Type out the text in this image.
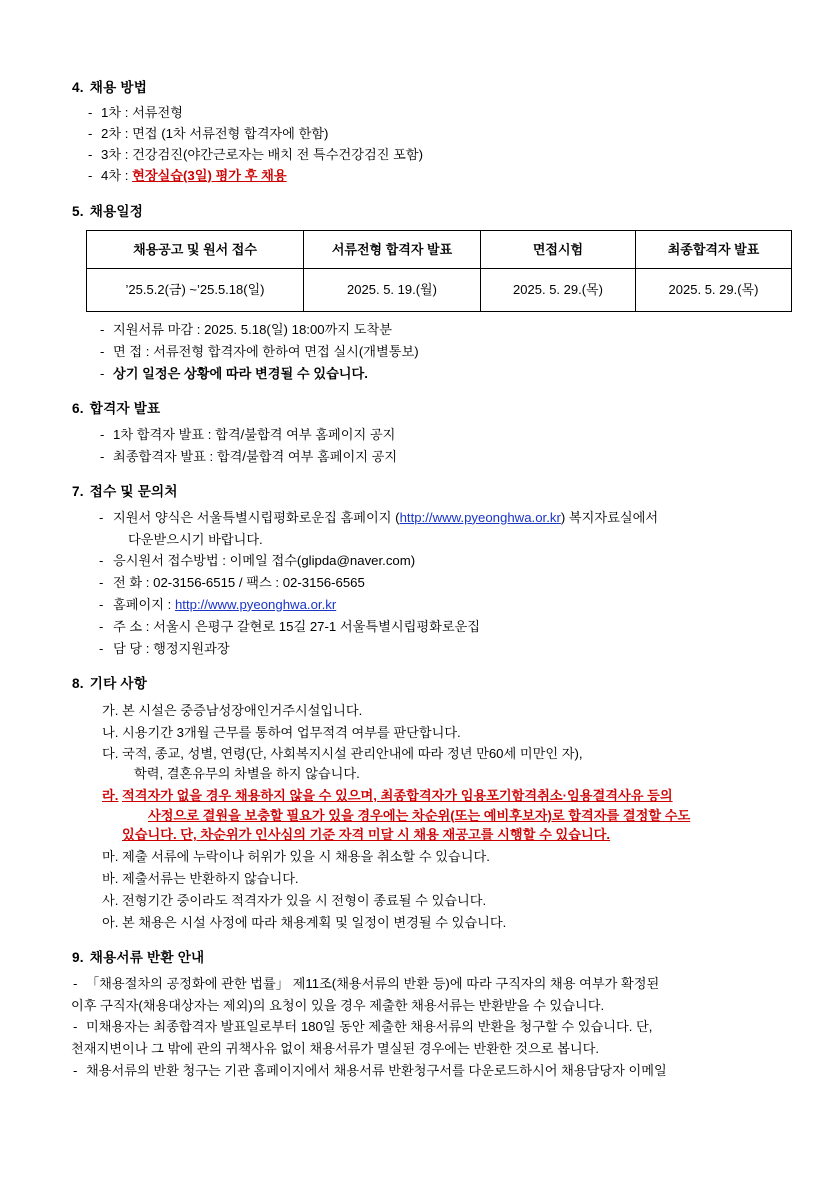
4. 채용 방법
- 1차 : 서류전형
- 2차 : 면접 (1차 서류전형 합격자에 한함)
- 3차 : 건강검진(야간근로자는 배치 전 특수건강검진 포함)
- 4차 : 현장실습(3일) 평가 후 채용
5. 채용일정
채용공고 및 원서 접수	서류전형 합격자 발표	면접시험	최종합격자 발표
’25.5.2(금) ~’25.5.18(일)	2025. 5. 19.(월)	2025. 5. 29.(목)	2025. 5. 29.(목)
- 지원서류 마감 : 2025. 5.18(일) 18:00까지 도착분
- 면 접 : 서류전형 합격자에 한하여 면접 실시(개별통보)
- 상기 일정은 상황에 따라 변경될 수 있습니다.
6. 합격자 발표
- 1차 합격자 발표 : 합격/불합격 여부 홈페이지 공지
- 최종합격자 발표 : 합격/불합격 여부 홈페이지 공지
7. 접수 및 문의처
- 지원서 양식은 서울특별시립평화로운집 홈페이지 (http://www.pyeonghwa.or.kr) 복지자료실에서
다운받으시기 바랍니다.
- 응시원서 접수방법 : 이메일 접수(glipda@naver.com)
- 전 화 : 02-3156-6515 / 팩스 : 02-3156-6565
- 홈페이지 : http://www.pyeonghwa.or.kr
- 주 소 : 서울시 은평구 갈현로 15길 27-1 서울특별시립평화로운집
- 담 당 : 행정지원과장
8. 기타 사항
가. 본 시설은 중증남성장애인거주시설입니다.
나. 시용기간 3개월 근무를 통하여 업무적격 여부를 판단합니다.
다. 국적, 종교, 성별, 연령(단, 사회복지시설 관리안내에 따라 정년 만60세 미만인 자),
학력, 결혼유무의 차별을 하지 않습니다.
라. 적격자가 없을 경우 채용하지 않을 수 있으며, 최종합격자가 임용포기함격취소·임용결격사유 등의
사정으로 결원을 보충할 필요가 있을 경우에는 차순위(또는 예비후보자)로 합격자를 결정할 수도
있습니다. 단, 차순위가 인사심의 기준 자격 미달 시 채용 재공고를 시행할 수 있습니다.
마. 제출 서류에 누락이나 허위가 있을 시 채용을 취소할 수 있습니다.
바. 제출서류는 반환하지 않습니다.
사. 전형기간 중이라도 적격자가 있을 시 전형이 종료될 수 있습니다.
아. 본 채용은 시설 사정에 따라 채용계획 및 일정이 변경될 수 있습니다.
9. 채용서류 반환 안내
- 「채용절차의 공정화에 관한 법률」 제11조(채용서류의 반환 등)에 따라 구직자의 채용 여부가 확정된
이후 구직자(채용대상자는 제외)의 요청이 있을 경우 제출한 채용서류는 반환받을 수 있습니다.
- 미채용자는 최종합격자 발표일로부터 180일 동안 제출한 채용서류의 반환을 청구할 수 있습니다. 단,
천재지변이나 그 밖에 관의 귀책사유 없이 채용서류가 멸실된 경우에는 반환한 것으로 봅니다.
- 채용서류의 반환 청구는 기관 홈페이지에서 채용서류 반환청구서를 다운로드하시어 채용담당자 이메일
